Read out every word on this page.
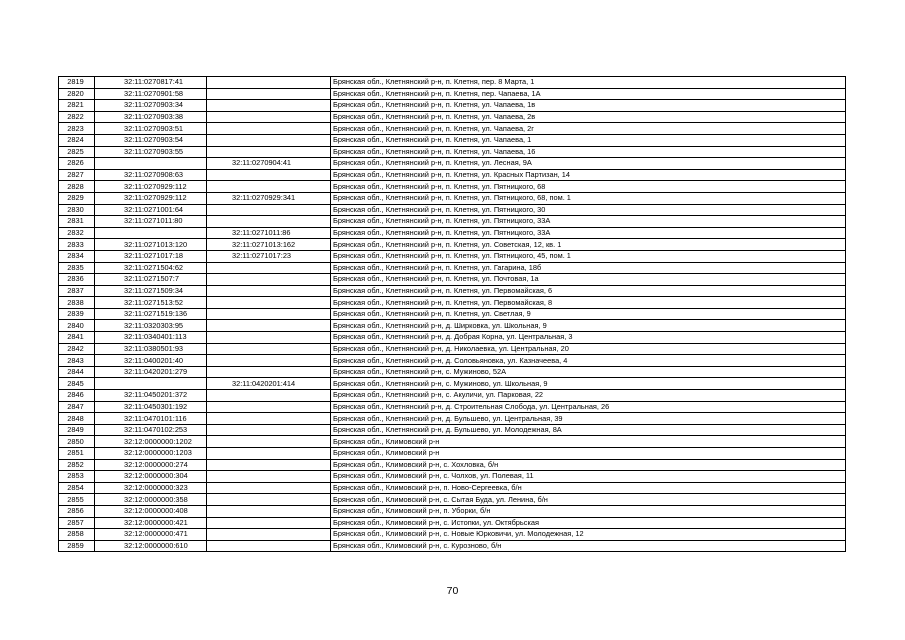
2819	32:11:0270817:41		Брянская обл., Клетнянский р-н, п. Клетня, пер. 8 Марта, 1
2820	32:11:0270901:58		Брянская обл., Клетнянский р-н, п. Клетня, пер. Чапаева, 1А
2821	32:11:0270903:34		Брянская обл., Клетнянский р-н, п. Клетня, ул. Чапаева, 1в
2822	32:11:0270903:38		Брянская обл., Клетнянский р-н, п. Клетня, ул. Чапаева, 2в
2823	32:11:0270903:51		Брянская обл., Клетнянский р-н, п. Клетня, ул. Чапаева, 2г
2824	32:11:0270903:54		Брянская обл., Клетнянский р-н, п. Клетня, ул. Чапаева, 1
2825	32:11:0270903:55		Брянская обл., Клетнянский р-н, п. Клетня, ул. Чапаева, 16
2826		32:11:0270904:41	Брянская обл., Клетнянский р-н, п. Клетня, ул. Лесная, 9А
2827	32:11:0270908:63		Брянская обл., Клетнянский р-н, п. Клетня, ул. Красных Партизан, 14
2828	32:11:0270929:112		Брянская обл., Клетнянский р-н, п. Клетня, ул. Пятницкого, 68
2829	32:11:0270929:112	32:11:0270929:341	Брянская обл., Клетнянский р-н, п. Клетня, ул. Пятницкого, 68, пом. 1
2830	32:11:0271001:64		Брянская обл., Клетнянский р-н, п. Клетня, ул. Пятницкого, 30
2831	32:11:0271011:80		Брянская обл., Клетнянский р-н, п. Клетня, ул. Пятницкого, 33А
2832		32:11:0271011:86	Брянская обл., Клетнянский р-н, п. Клетня, ул. Пятницкого, 33А
2833	32:11:0271013:120	32:11:0271013:162	Брянская обл., Клетнянский р-н, п. Клетня, ул. Советская, 12, кв. 1
2834	32:11:0271017:18	32:11:0271017:23	Брянская обл., Клетнянский р-н, п. Клетня, ул. Пятницкого, 45, пом. 1
2835	32:11:0271504:62		Брянская обл., Клетнянский р-н, п. Клетня, ул. Гагарина, 18б
2836	32:11:0271507:7		Брянская обл., Клетнянский р-н, п. Клетня, ул. Почтовая, 1а
2837	32:11:0271509:34		Брянская обл., Клетнянский р-н, п. Клетня, ул. Первомайская, 6
2838	32:11:0271513:52		Брянская обл., Клетнянский р-н, п. Клетня, ул. Первомайская, 8
2839	32:11:0271519:136		Брянская обл., Клетнянский р-н, п. Клетня, ул. Светлая, 9
2840	32:11:0320303:95		Брянская обл., Клетнянский р-н, д. Ширковка, ул. Школьная, 9
2841	32:11:0340401:113		Брянская обл., Клетнянский р-н, д. Добрая Корна, ул. Центральная, 3
2842	32:11:0380501:93		Брянская обл., Клетнянский р-н, д. Николаевка, ул. Центральная, 20
2843	32:11:0400201:40		Брянская обл., Клетнянский р-н, д. Соловьяновка, ул. Казначеева, 4
2844	32:11:0420201:279		Брянская обл., Клетнянский р-н, с. Мужиново, 52А
2845		32:11:0420201:414	Брянская обл., Клетнянский р-н, с. Мужиново, ул. Школьная, 9
2846	32:11:0450201:372		Брянская обл., Клетнянский р-н, с. Акуличи, ул. Парковая, 22
2847	32:11:0450301:192		Брянская обл., Клетнянский р-н, д. Строительная Слобода, ул. Центральная, 26
2848	32:11:0470101:116		Брянская обл., Клетнянский р-н, д. Бульшево, ул. Центральная, 39
2849	32:11:0470102:253		Брянская обл., Клетнянский р-н, д. Бульшево, ул. Молодежная, 8А
2850	32:12:0000000:1202		Брянская обл., Климовский р-н
2851	32:12:0000000:1203		Брянская обл., Климовский р-н
2852	32:12:0000000:274		Брянская обл., Климовский р-н, с. Хохловка, б/н
2853	32:12:0000000:304		Брянская обл., Климовский р-н, с. Чолхов, ул. Полевая, 11
2854	32:12:0000000:323		Брянская обл., Климовский р-н, п. Ново-Сергеевка, б/н
2855	32:12:0000000:358		Брянская обл., Климовский р-н, с. Сытая Буда, ул. Ленина, б/н
2856	32:12:0000000:408		Брянская обл., Климовский р-н, п. Уборки, б/н
2857	32:12:0000000:421		Брянская обл., Климовский р-н, с. Истопки, ул. Октябрьская
2858	32:12:0000000:471		Брянская обл., Климовский р-н, с. Новые Юрковичи, ул. Молодежная, 12
2859	32:12:0000000:610		Брянская обл., Климовский р-н, с. Курозново, б/н
70
